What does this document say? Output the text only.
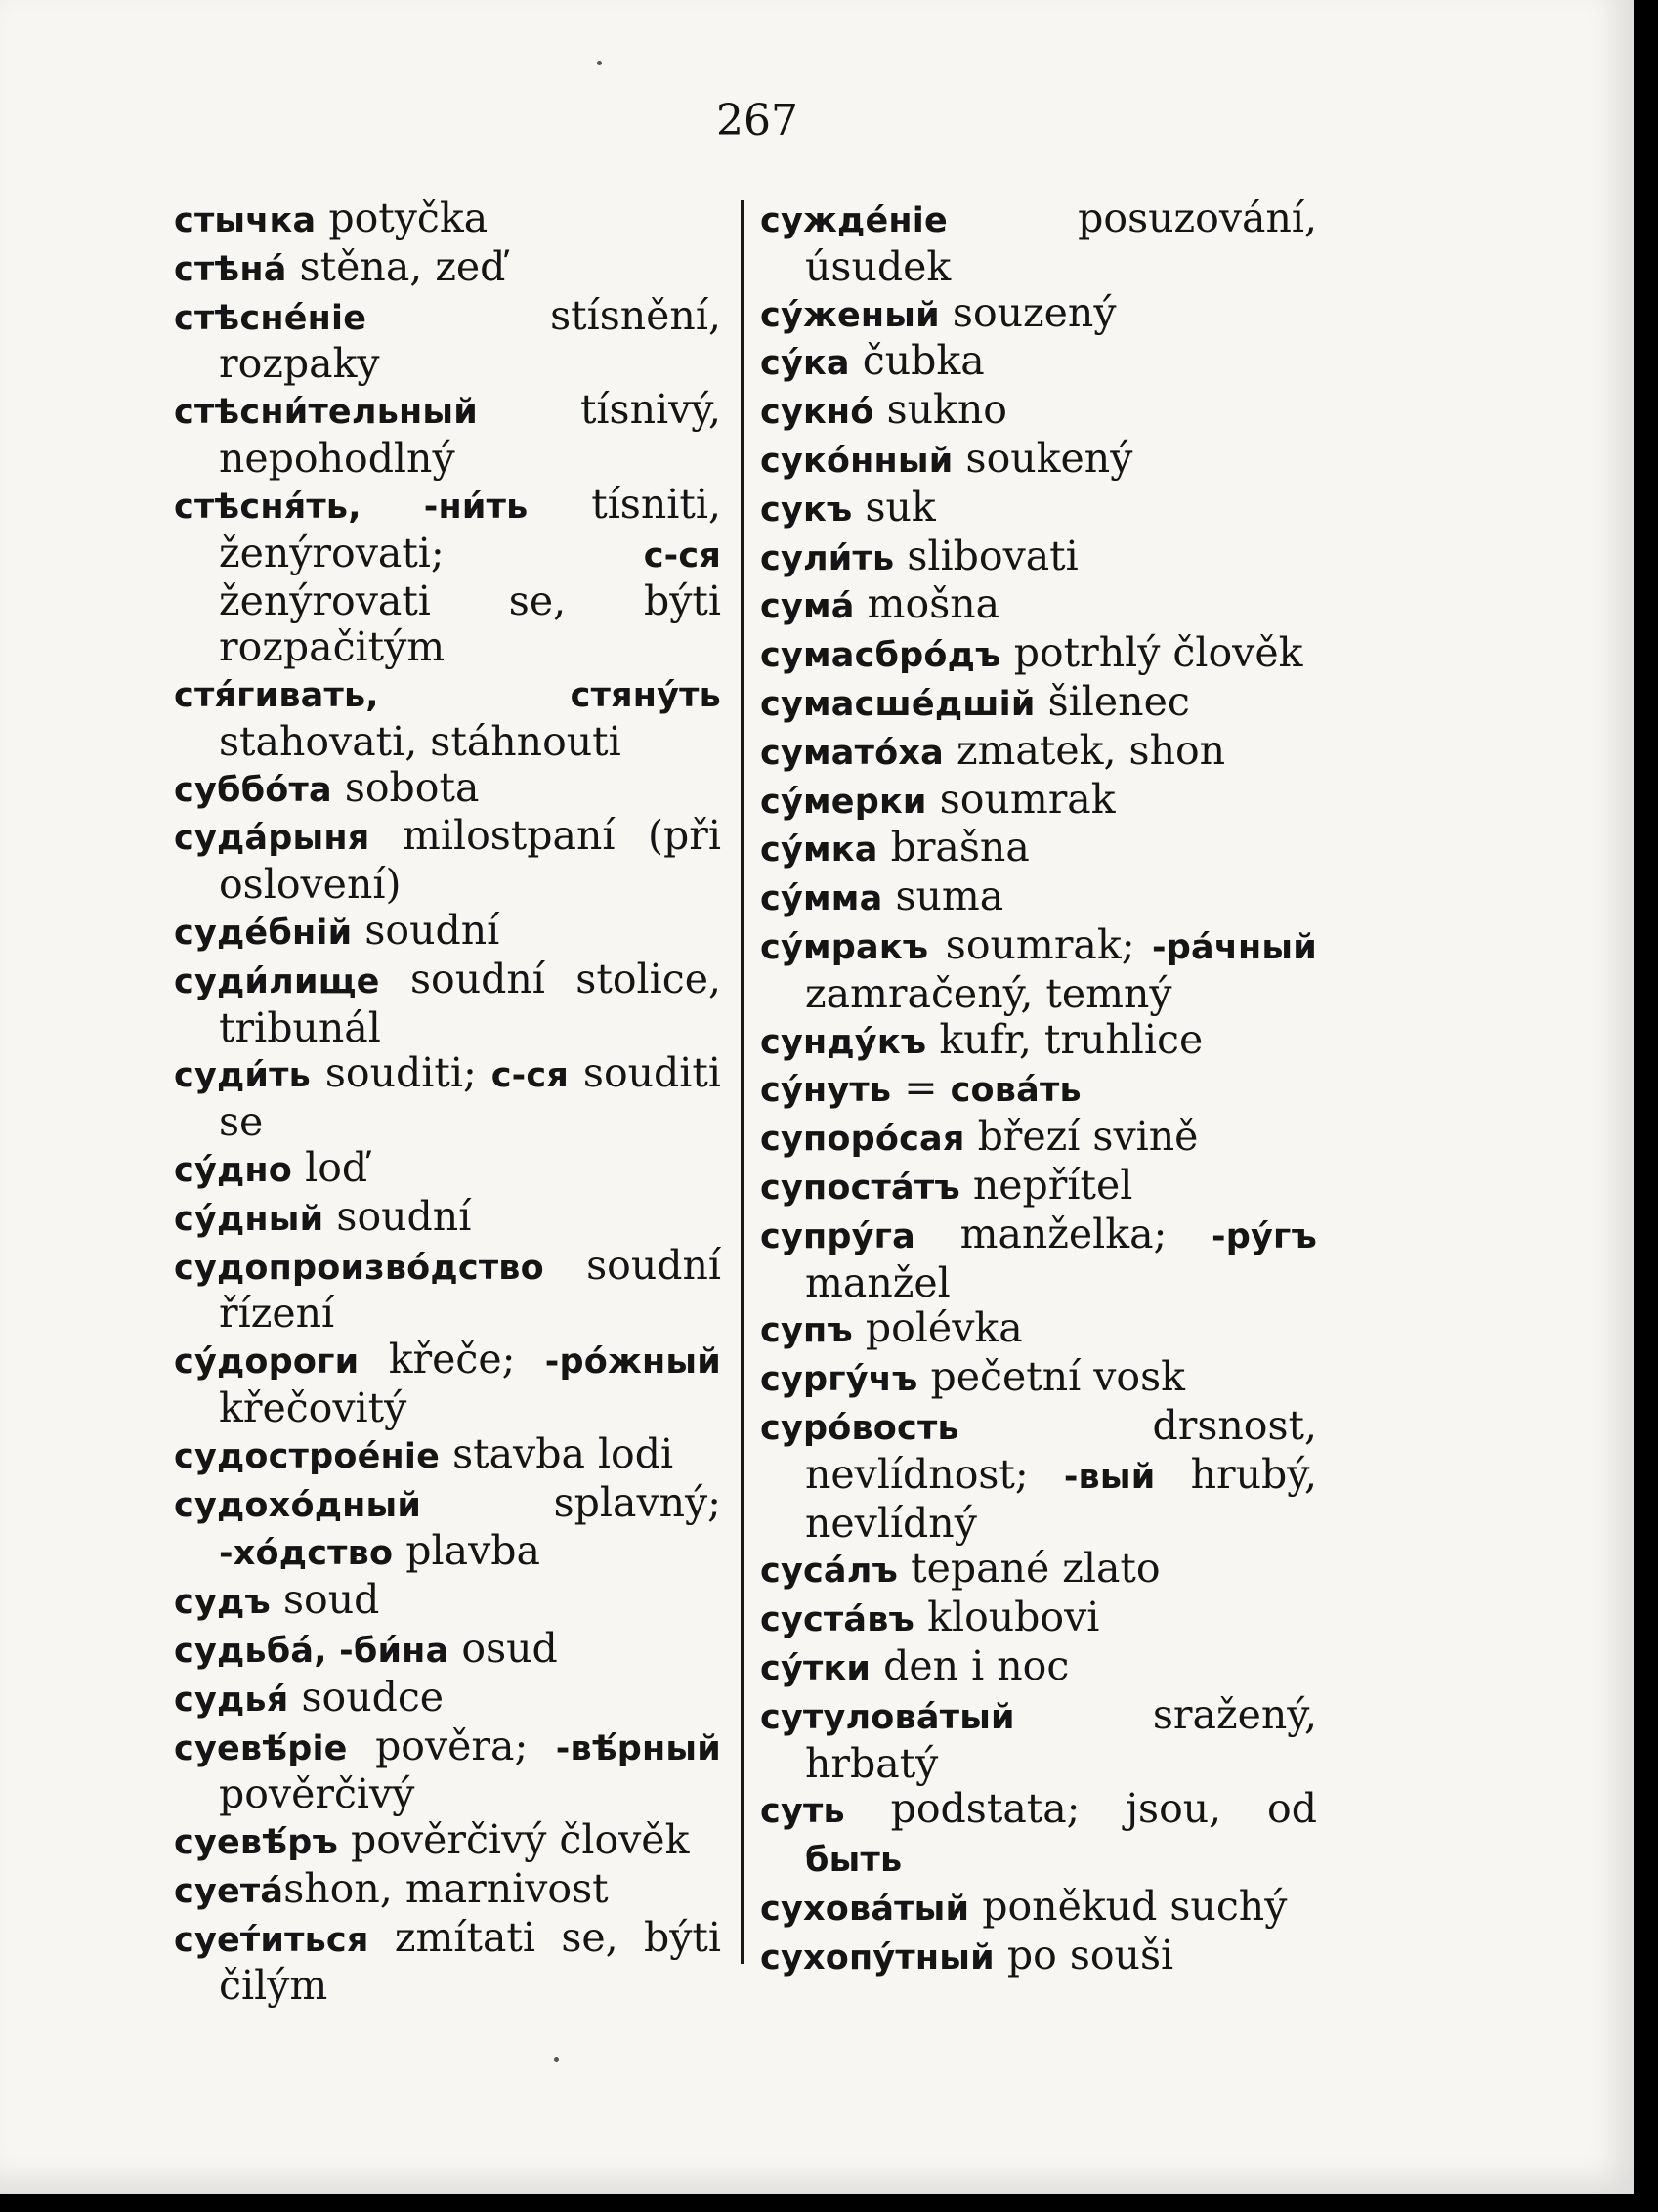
267
стычка potyčka
стѣна́ stěna, zeď
стѣсне́ніе stísnění, rozpaky
стѣсни́тельный tísnivý, nepohodlný
стѣсня́ть, -ни́ть tísniti, ženýrovati; с-ся ženýrovati se, býti rozpačitým
стя́гивать, стяну́ть stahovati, stáhnouti
суббо́та sobota
суда́рыня milostpaní (při oslovení)
суде́бній soudní
суди́лище soudní stolice, tribunál
суди́ть souditi; с-ся souditi se
су́дно loď
су́дный soudní
судопроизво́дство soudní řízení
су́дороги křeče; -ро́жный křečovitý
судострое́ніе stavba lodi
судохо́дный splavný; -хо́дство plavba
судъ soud
судьба́, -би́на osud
судья́ soudce
суевѣ́ріе pověra; -вѣ́рный pověrčivý
суевѣ́ръ pověrčivý člověk
суета́shon, marnivost
сует́иться zmítati se, býti čilým
сужде́ніе posuzování, úsudek
су́женый souzený
су́ка čubka
сукно́ sukno
суко́нный soukený
сукъ suk
сули́ть slibovati
сума́ mošna
сумасбро́дъ potrhlý člověk
сумасше́дшій šilenec
сумато́ха zmatek, shon
су́мерки soumrak
су́мка brašna
су́мма suma
су́мракъ soumrak; -ра́чный zamračený, temný
сунду́къ kufr, truhlice
су́нуть = сова́ть
супоро́сая březí svině
супоста́тъ nepřítel
супру́га manželka; -ру́гъ manžel
супъ polévka
сургу́чъ pečetní vosk
суро́вость drsnost, nevlídnost; -вый hrubý, nevlídný
суса́лъ tepané zlato
суста́въ kloubovi
су́тки den i noc
сутулова́тый sražený, hrbatý
суть podstata; jsou, od быть
сухова́тый poněkud suchý
сухопу́тный po souši
